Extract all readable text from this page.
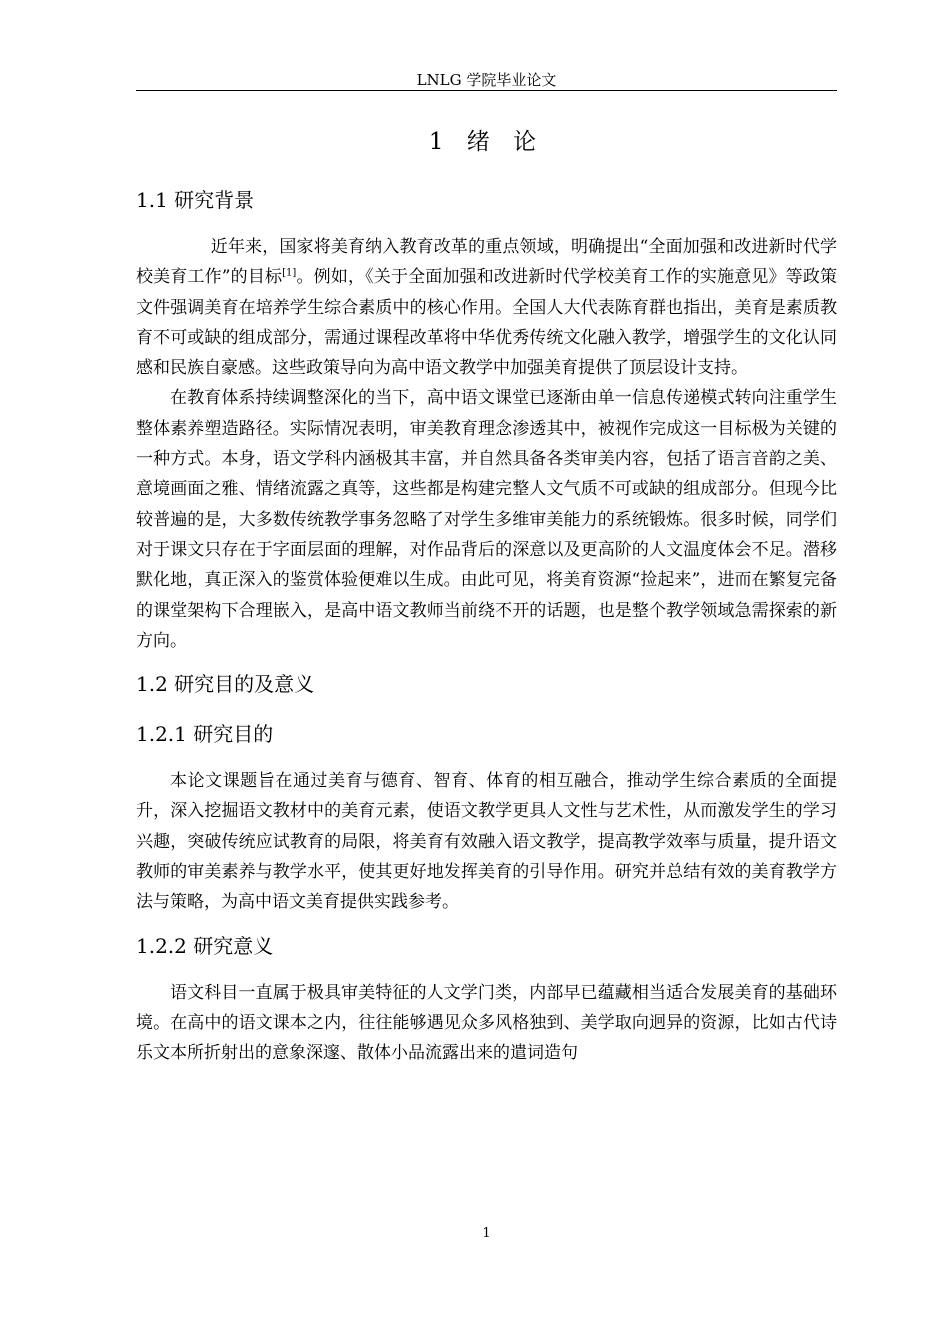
LNLG 学院毕业论文
1 绪 论
1.1 研究背景

近年来，国家将美育纳入教育改革的重点领域，明确提出“全面加强和改进新时代学校美育工作”的目标[1]。例如，《关于全面加强和改进新时代学校美育工作的实施意见》等政策文件强调美育在培养学生综合素质中的核心作用。全国人大代表陈育群也指出，美育是素质教育不可或缺的组成部分，需通过课程改革将中华优秀传统文化融入教学，增强学生的文化认同感和民族自豪感。这些政策导向为高中语文教学中加强美育提供了顶层设计支持。

在教育体系持续调整深化的当下，高中语文课堂已逐渐由单一信息传递模式转向注重学生整体素养塑造路径。实际情况表明，审美教育理念渗透其中，被视作完成这一目标极为关键的一种方式。本身，语文学科内涵极其丰富，并自然具备各类审美内容，包括了语言音韵之美、意境画面之雅、情绪流露之真等，这些都是构建完整人文气质不可或缺的组成部分。但现今比较普遍的是，大多数传统教学事务忽略了对学生多维审美能力的系统锻炼。很多时候，同学们对于课文只存在于字面层面的理解，对作品背后的深意以及更高阶的人文温度体会不足。潜移默化地，真正深入的鉴赏体验便难以生成。由此可见，将美育资源“捡起来”，进而在繁复完备的课堂架构下合理嵌入，是高中语文教师当前绕不开的话题，也是整个教学领域急需探索的新方向。

1.2 研究目的及意义
1.2.1 研究目的

本论文课题旨在通过美育与德育、智育、体育的相互融合，推动学生综合素质的全面提升，深入挖掘语文教材中的美育元素，使语文教学更具人文性与艺术性，从而激发学生的学习兴趣，突破传统应试教育的局限，将美育有效融入语文教学，提高教学效率与质量，提升语文教师的审美素养与教学水平，使其更好地发挥美育的引导作用。研究并总结有效的美育教学方法与策略，为高中语文美育提供实践参考。

1.2.2 研究意义

语文科目一直属于极具审美特征的人文学门类，内部早已蕴藏相当适合发展美育的基础环境。在高中的语文课本之内，往往能够遇见众多风格独到、美学取向迥异的资源，比如古代诗乐文本所折射出的意象深邃、散体小品流露出来的遣词造句

1
